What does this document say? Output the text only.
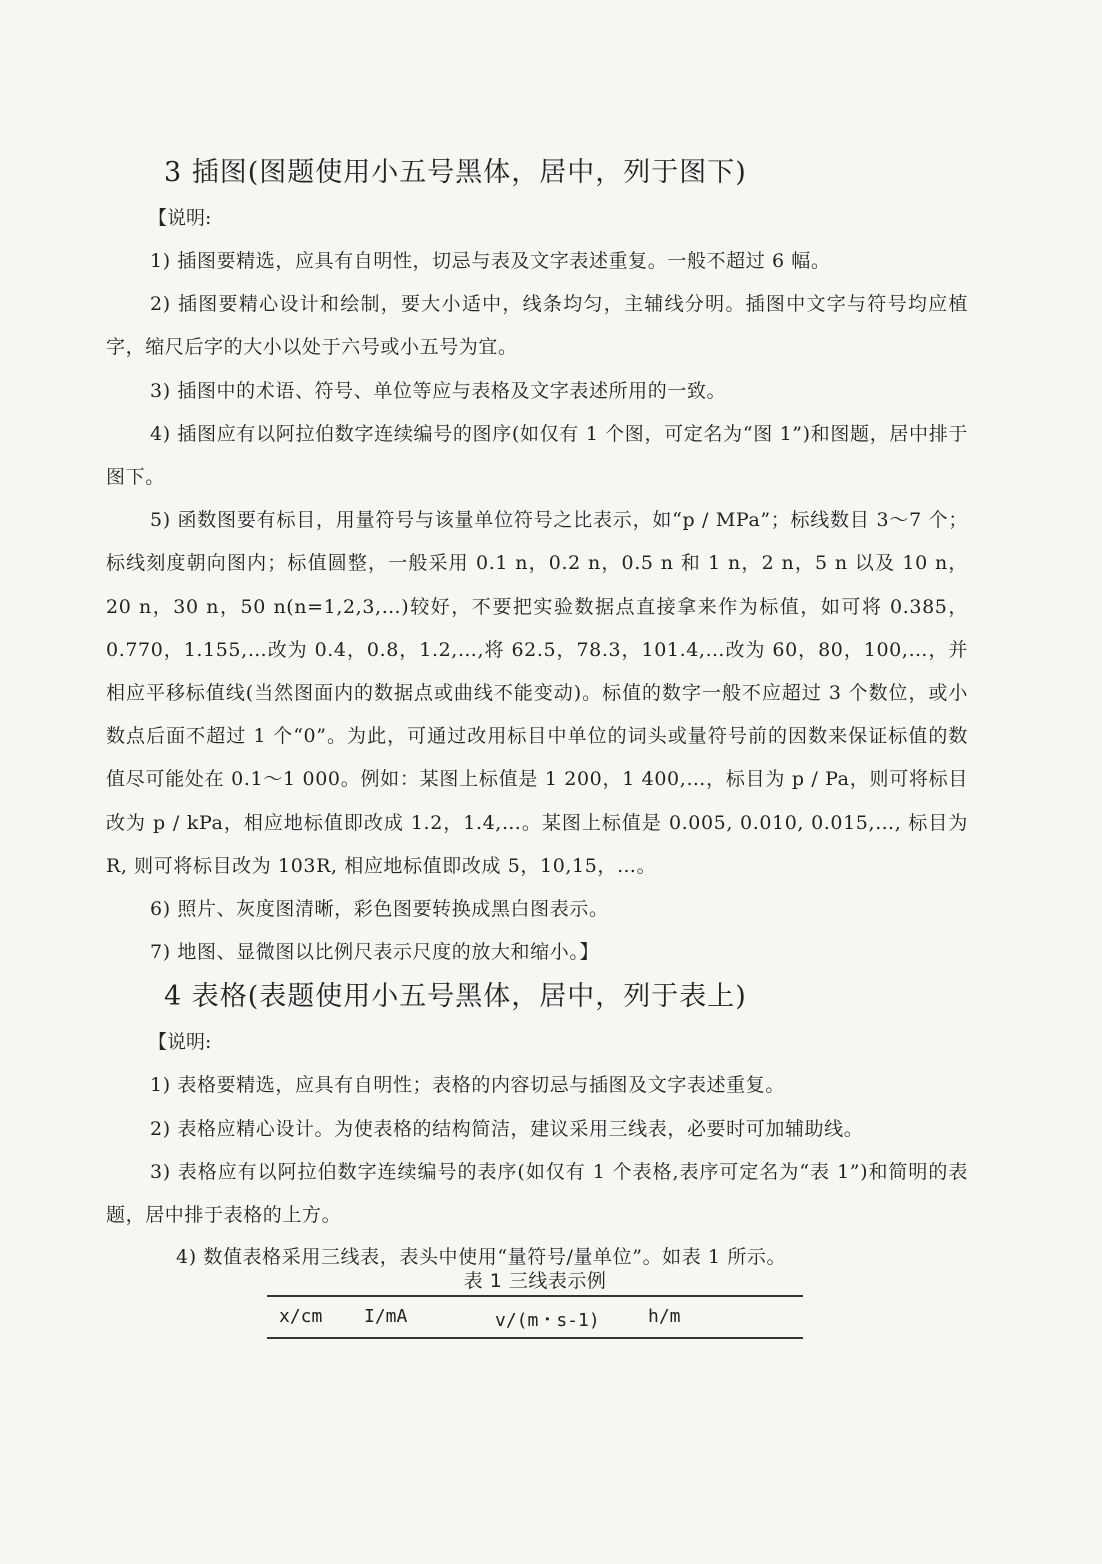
3 插图(图题使用小五号黑体，居中，列于图下)
【说明:

1) 插图要精选，应具有自明性，切忌与表及文字表述重复。一般不超过 6 幅。

2) 插图要精心设计和绘制，要大小适中，线条均匀，主辅线分明。插图中文字与符号均应植字，缩尺后字的大小以处于六号或小五号为宜。

3) 插图中的术语、符号、单位等应与表格及文字表述所用的一致。

4) 插图应有以阿拉伯数字连续编号的图序(如仅有 1 个图，可定名为“图 1”)和图题，居中排于图下。

5) 函数图要有标目，用量符号与该量单位符号之比表示，如“p / MPa”；标线数目 3～7 个；标线刻度朝向图内；标值圆整，一般采用 0.1 n，0.2 n，0.5 n 和 1 n，2 n，5 n 以及 10 n，20 n，30 n，50 n(n=1,2,3,…)较好，不要把实验数据点直接拿来作为标值，如可将 0.385，0.770，1.155,…改为 0.4，0.8，1.2,…,将 62.5，78.3，101.4,…改为 60，80，100,…，并相应平移标值线(当然图面内的数据点或曲线不能变动)。标值的数字一般不应超过 3 个数位，或小数点后面不超过 1 个“0”。为此，可通过改用标目中单位的词头或量符号前的因数来保证标值的数值尽可能处在 0.1～1 000。例如：某图上标值是 1 200，1 400,…，标目为 p / Pa，则可将标目改为 p / kPa，相应地标值即改成 1.2，1.4,…。某图上标值是 0.005, 0.010, 0.015,…, 标目为 R, 则可将标目改为 103R, 相应地标值即改成 5，10,15，…。

6) 照片、灰度图清晰，彩色图要转换成黑白图表示。

7) 地图、显微图以比例尺表示尺度的放大和缩小。】

4 表格(表题使用小五号黑体，居中，列于表上)
【说明:

1) 表格要精选，应具有自明性；表格的内容切忌与插图及文字表述重复。

2) 表格应精心设计。为使表格的结构简洁，建议采用三线表，必要时可加辅助线。

3) 表格应有以阿拉伯数字连续编号的表序(如仅有 1 个表格,表序可定名为“表 1”)和简明的表题，居中排于表格的上方。

4) 数值表格采用三线表，表头中使用“量符号/量单位”。如表 1 所示。
表 1 三线表示例
x/cm I/mA	v/(m・s-1)	h/m
